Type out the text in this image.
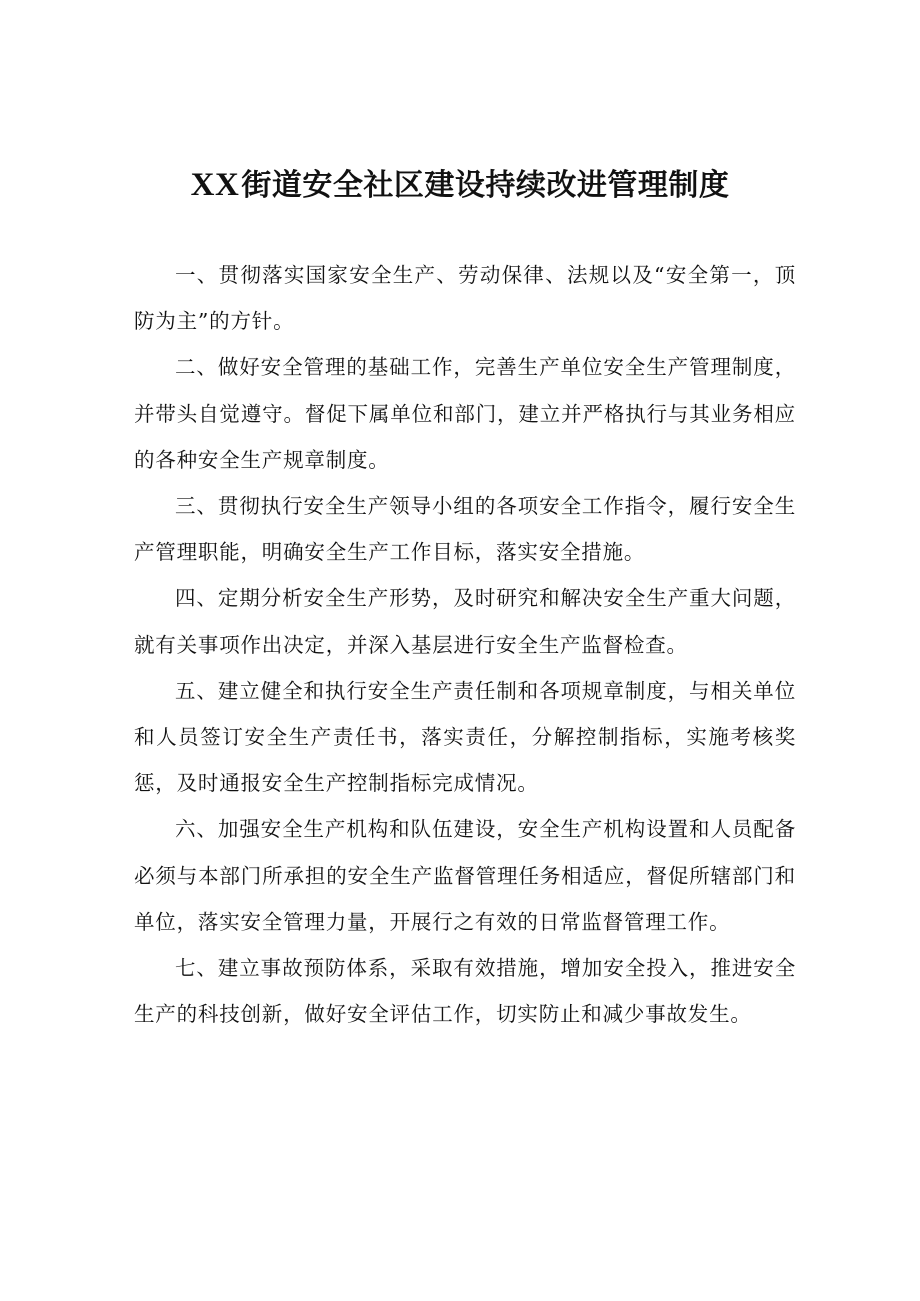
XX街道安全社区建设持续改进管理制度

一、贯彻落实国家安全生产、劳动保律、法规以及“安全第一，顶防为主”的方针。

二、做好安全管理的基础工作，完善生产单位安全生产管理制度，并带头自觉遵守。督促下属单位和部门，建立并严格执行与其业务相应的各种安全生产规章制度。

三、贯彻执行安全生产领导小组的各项安全工作指令，履行安全生产管理职能，明确安全生产工作目标，落实安全措施。

四、定期分析安全生产形势，及时研究和解决安全生产重大问题，就有关事项作出决定，并深入基层进行安全生产监督检查。

五、建立健全和执行安全生产责任制和各项规章制度，与相关单位和人员签订安全生产责任书，落实责任，分解控制指标，实施考核奖惩，及时通报安全生产控制指标完成情况。

六、加强安全生产机构和队伍建设，安全生产机构设置和人员配备必须与本部门所承担的安全生产监督管理任务相适应，督促所辖部门和单位，落实安全管理力量，开展行之有效的日常监督管理工作。

七、建立事故预防体系，采取有效措施，增加安全投入，推进安全生产的科技创新，做好安全评估工作，切实防止和减少事故发生。
